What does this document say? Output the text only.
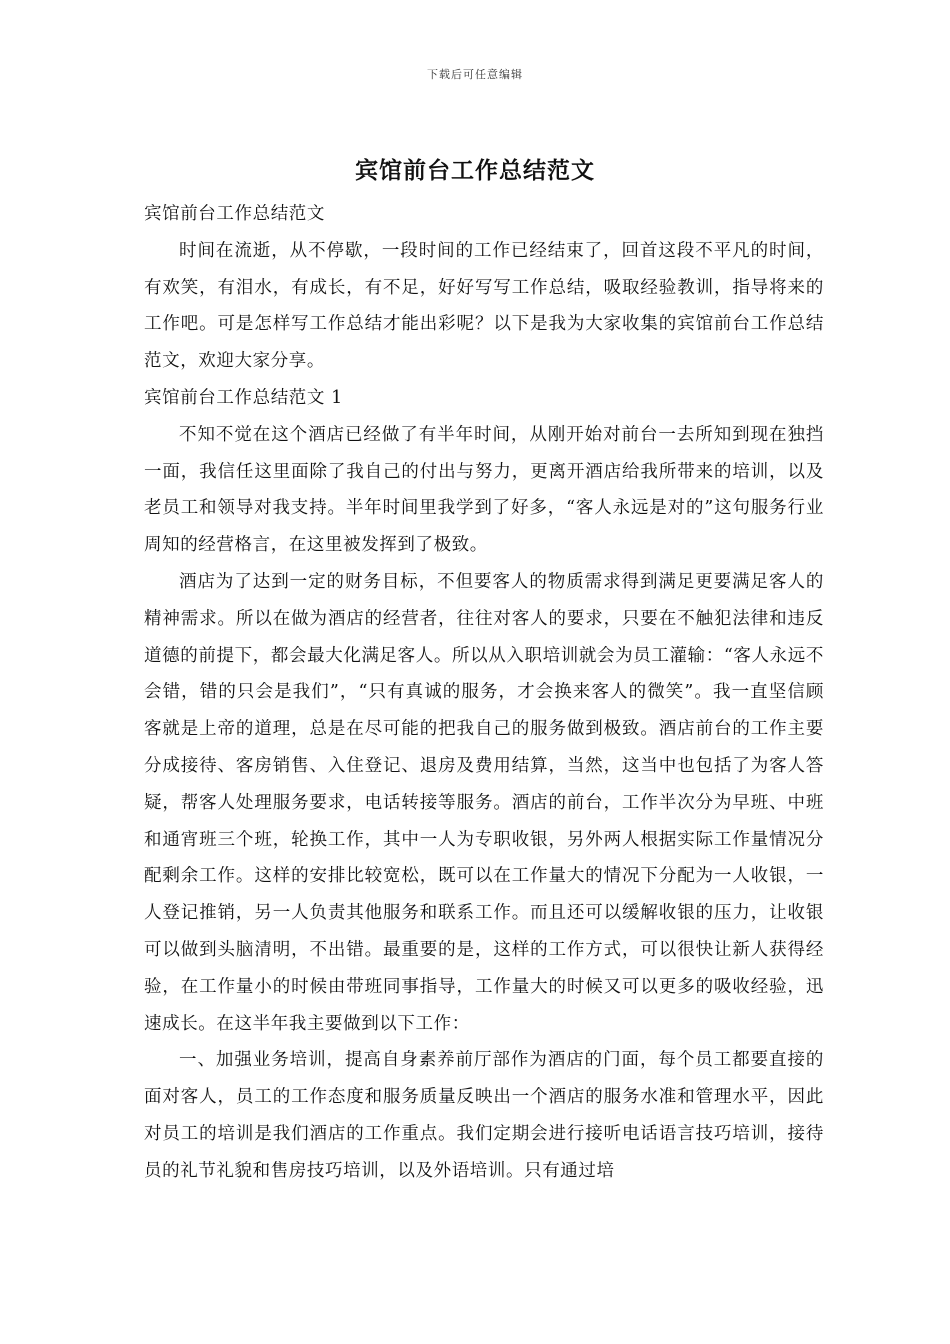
下载后可任意编辑
宾馆前台工作总结范文

宾馆前台工作总结范文

时间在流逝，从不停歇，一段时间的工作已经结束了，回首这段不平凡的时间，有欢笑，有泪水，有成长，有不足，好好写写工作总结，吸取经验教训，指导将来的工作吧。可是怎样写工作总结才能出彩呢？以下是我为大家收集的宾馆前台工作总结范文，欢迎大家分享。

宾馆前台工作总结范文 1

不知不觉在这个酒店已经做了有半年时间，从刚开始对前台一去所知到现在独挡一面，我信任这里面除了我自己的付出与努力，更离开酒店给我所带来的培训，以及老员工和领导对我支持。半年时间里我学到了好多，“客人永远是对的”这句服务行业周知的经营格言，在这里被发挥到了极致。

酒店为了达到一定的财务目标，不但要客人的物质需求得到满足更要满足客人的精神需求。所以在做为酒店的经营者，往往对客人的要求，只要在不触犯法律和违反道德的前提下，都会最大化满足客人。所以从入职培训就会为员工灌输：“客人永远不会错，错的只会是我们”，“只有真诚的服务，才会换来客人的微笑”。我一直坚信顾客就是上帝的道理，总是在尽可能的把我自己的服务做到极致。酒店前台的工作主要分成接待、客房销售、入住登记、退房及费用结算，当然，这当中也包括了为客人答疑，帮客人处理服务要求，电话转接等服务。酒店的前台，工作半次分为早班、中班和通宵班三个班，轮换工作，其中一人为专职收银，另外两人根据实际工作量情况分配剩余工作。这样的安排比较宽松，既可以在工作量大的情况下分配为一人收银，一人登记推销，另一人负责其他服务和联系工作。而且还可以缓解收银的压力，让收银可以做到头脑清明，不出错。最重要的是，这样的工作方式，可以很快让新人获得经验，在工作量小的时候由带班同事指导，工作量大的时候又可以更多的吸收经验，迅速成长。在这半年我主要做到以下工作：

一、加强业务培训，提高自身素养前厅部作为酒店的门面，每个员工都要直接的面对客人，员工的工作态度和服务质量反映出一个酒店的服务水准和管理水平，因此对员工的培训是我们酒店的工作重点。我们定期会进行接听电话语言技巧培训，接待员的礼节礼貌和售房技巧培训，以及外语培训。只有通过培
